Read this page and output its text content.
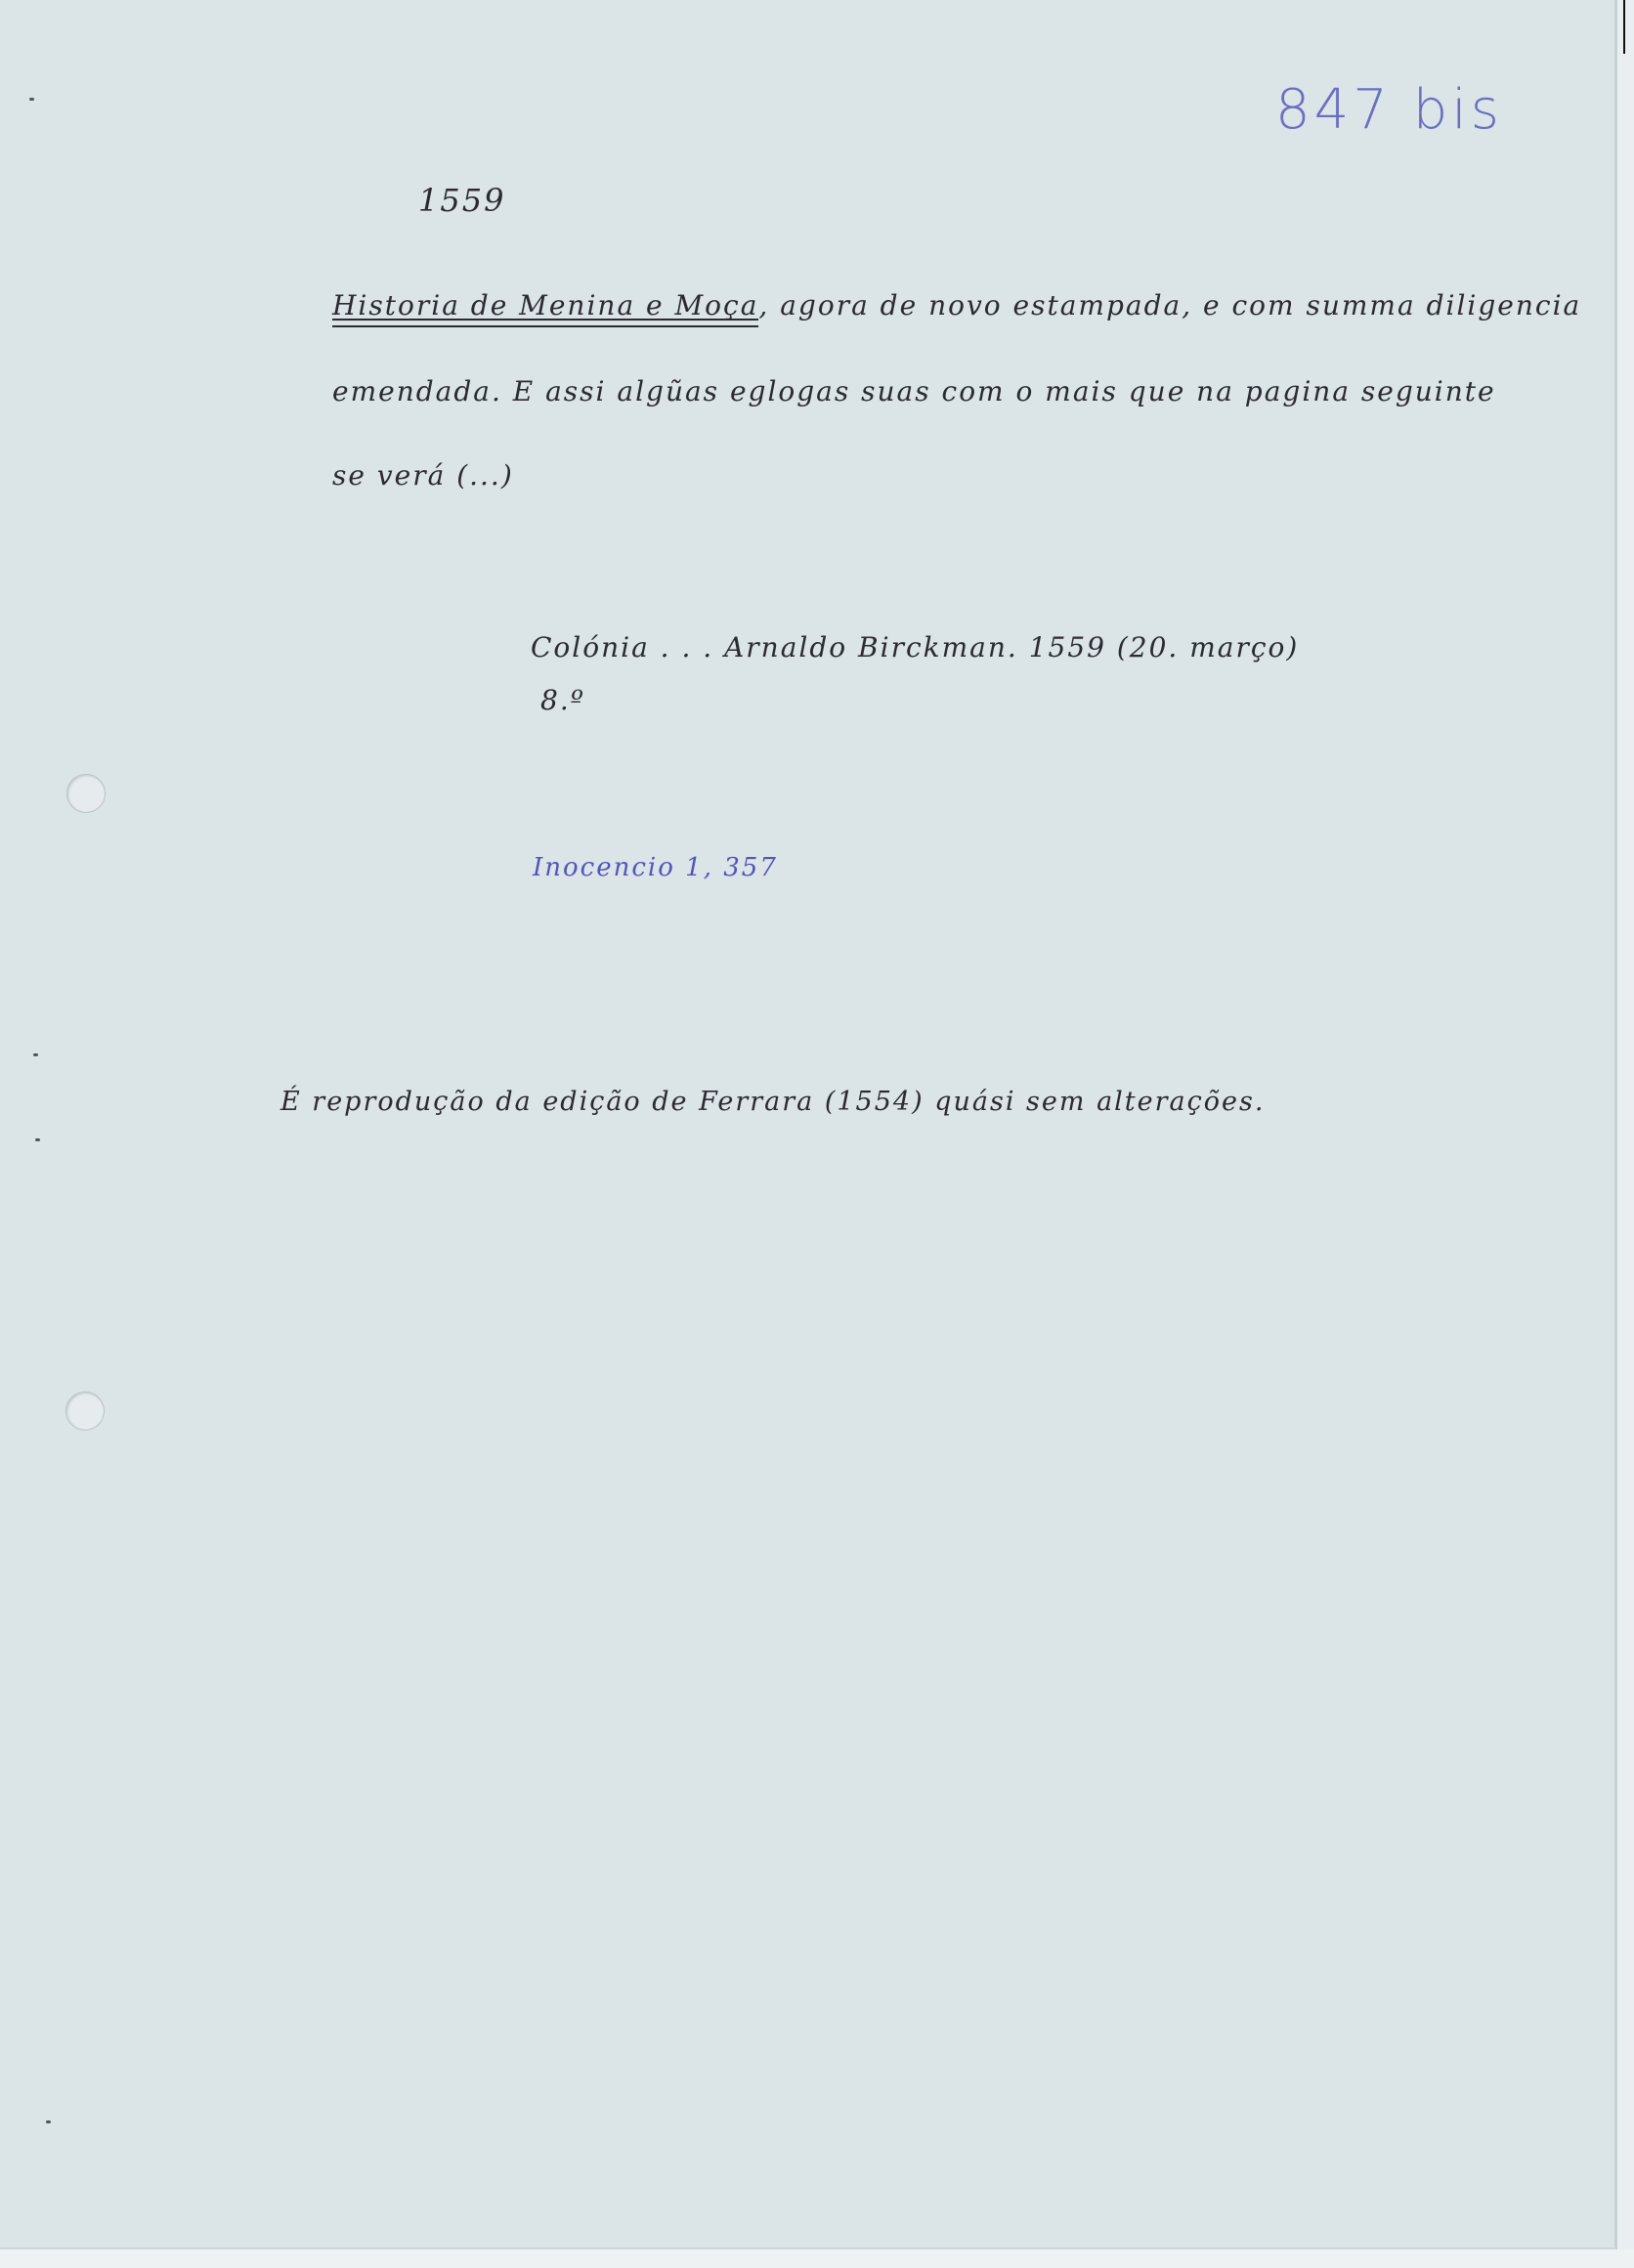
847 bis
1559
Historia de Menina e Moça, agora de novo estampada, e com summa diligencia
emendada. E assi algũas eglogas suas com o mais que na pagina seguinte
se verá (...)
Colónia . . . Arnaldo Birckman. 1559 (20. março)
8.º
Inocencio 1, 357
É reprodução da edição de Ferrara (1554) quási sem alterações.
